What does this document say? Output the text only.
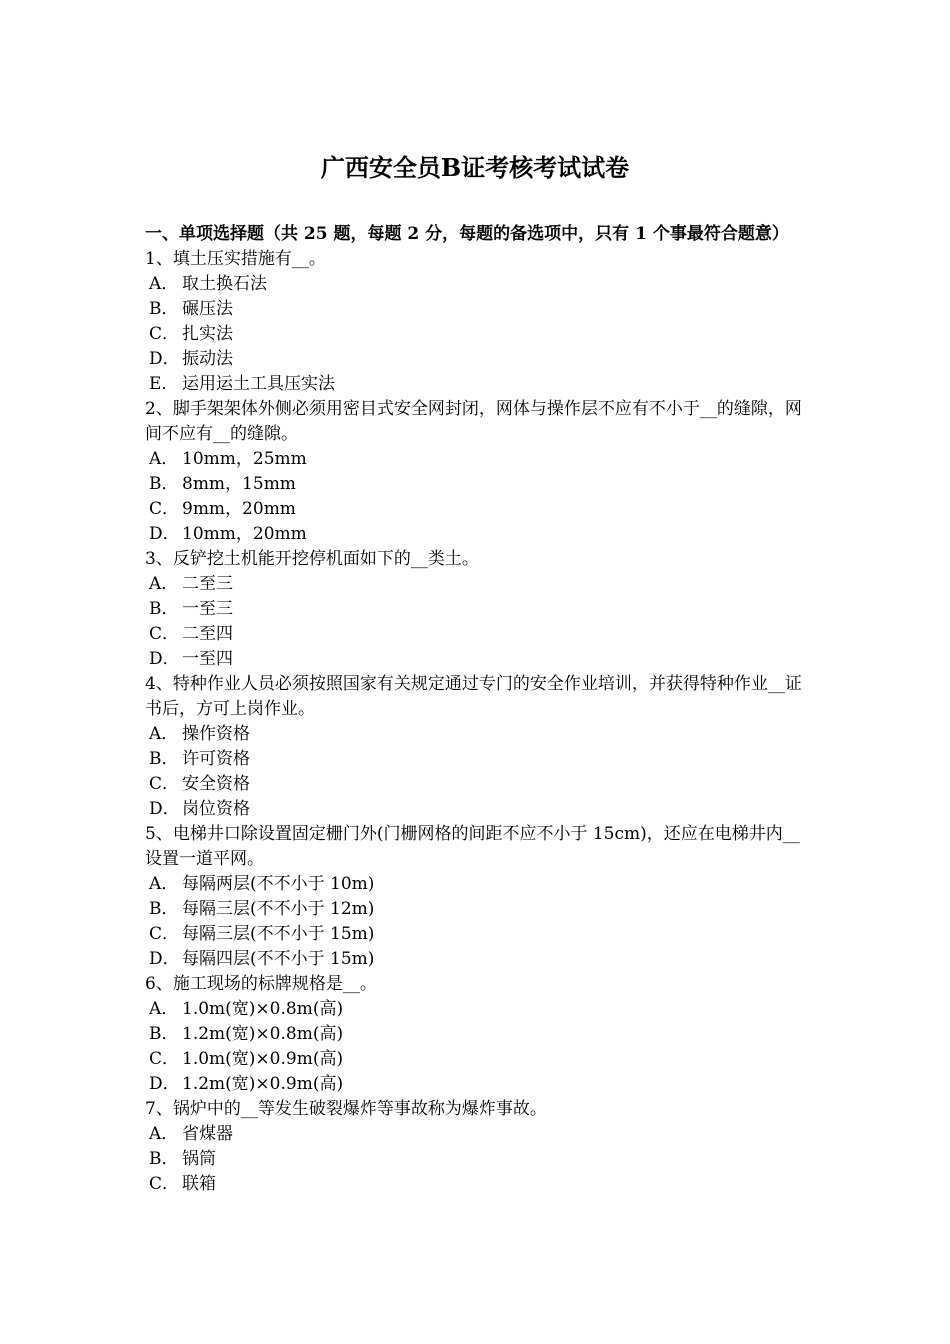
广西安全员B证考核考试试卷
一、单项选择题（共 25 题，每题 2 分，每题的备选项中，只有 1 个事最符合题意）
1、填土压实措施有__。
A． 取土换石法
B． 碾压法
C． 扎实法
D． 振动法
E． 运用运土工具压实法
2、脚手架架体外侧必须用密目式安全网封闭，网体与操作层不应有不小于__的缝隙，网间不应有__的缝隙。
A． 10mm，25mm
B． 8mm，15mm
C． 9mm，20mm
D． 10mm，20mm
3、反铲挖土机能开挖停机面如下的__类土。
A． 二至三
B． 一至三
C． 二至四
D． 一至四
4、特种作业人员必须按照国家有关规定通过专门的安全作业培训，并获得特种作业__证书后，方可上岗作业。
A． 操作资格
B． 许可资格
C． 安全资格
D． 岗位资格
5、电梯井口除设置固定栅门外(门栅网格的间距不应不小于 15cm)，还应在电梯井内__设置一道平网。
A． 每隔两层(不不小于 10m)
B． 每隔三层(不不小于 12m)
C． 每隔三层(不不小于 15m)
D． 每隔四层(不不小于 15m)
6、施工现场的标牌规格是__。
A． 1.0m(宽)×0.8m(高)
B． 1.2m(宽)×0.8m(高)
C． 1.0m(宽)×0.9m(高)
D． 1.2m(宽)×0.9m(高)
7、锅炉中的__等发生破裂爆炸等事故称为爆炸事故。
A． 省煤器
B． 锅筒
C． 联箱
